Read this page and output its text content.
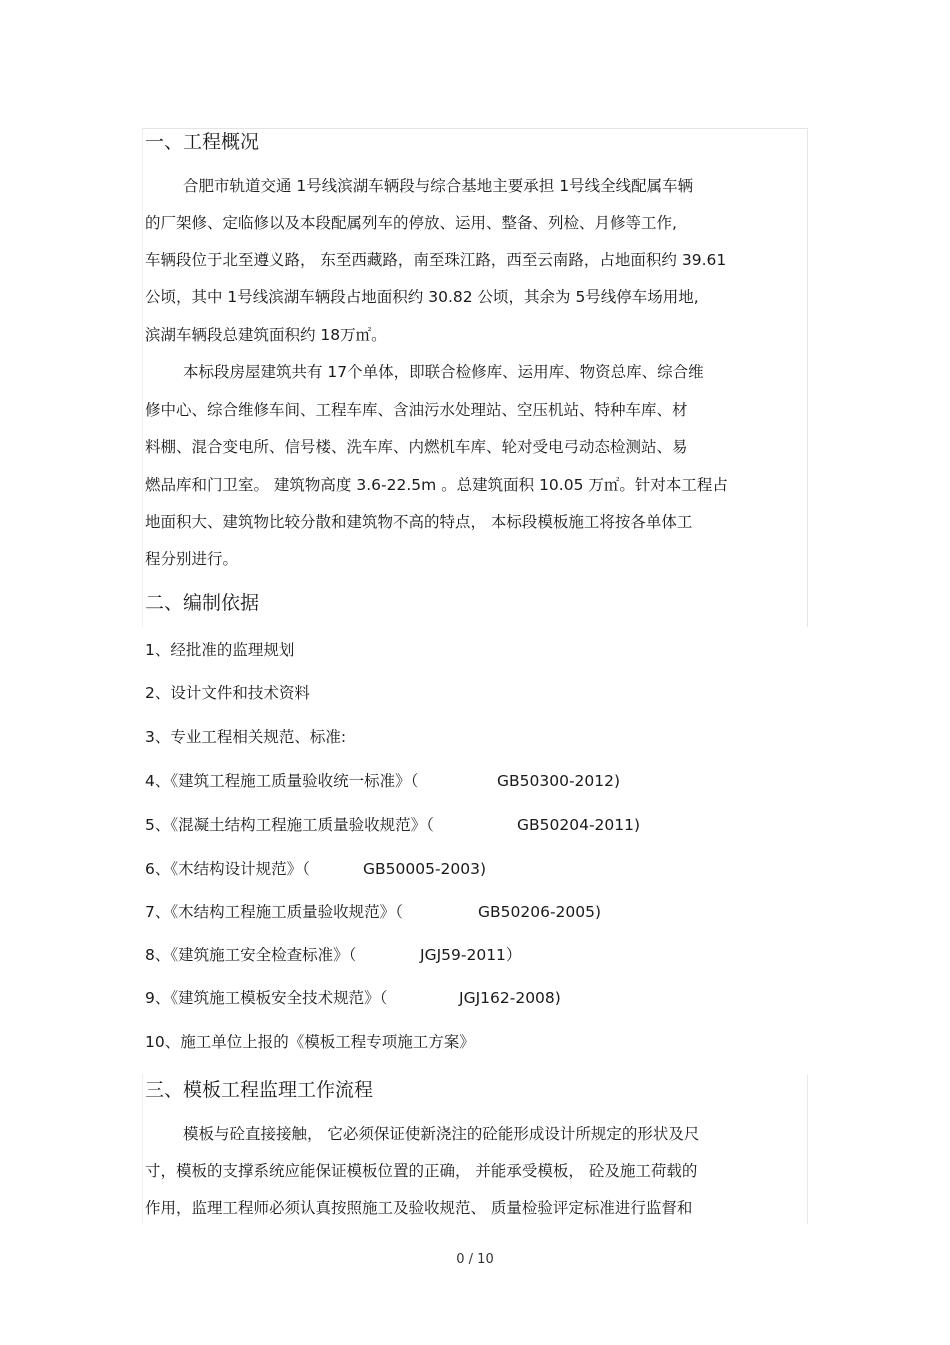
一、工程概况
合肥市轨道交通 1号线滨湖车辆段与综合基地主要承担 1号线全线配属车辆
的厂架修、定临修以及本段配属列车的停放、运用、整备、列检、月修等工作,
车辆段位于北至遵义路， 东至西藏路，南至珠江路，西至云南路，占地面积约 39.61
公顷，其中 1号线滨湖车辆段占地面积约 30.82 公顷，其余为 5号线停车场用地,
滨湖车辆段总建筑面积约 18万㎡。
本标段房屋建筑共有 17个单体，即联合检修库、运用库、物资总库、综合维
修中心、综合维修车间、工程车库、含油污水处理站、空压机站、特种车库、材
料棚、混合变电所、信号楼、洗车库、内燃机车库、轮对受电弓动态检测站、易
燃品库和门卫室。 建筑物高度 3.6-22.5m 。总建筑面积 10.05 万㎡。针对本工程占
地面积大、建筑物比较分散和建筑物不高的特点， 本标段模板施工将按各单体工
程分别进行。
二、编制依据
1、经批准的监理规划
2、设计文件和技术资料
3、专业工程相关规范、标准:
4、《建筑工程施工质量验收统一标准》（	GB50300-2012)
5、《混凝土结构工程施工质量验收规范》（	GB50204-2011)
6、《木结构设计规范》（	GB50005-2003)
7、《木结构工程施工质量验收规范》（	GB50206-2005)
8、《建筑施工安全检查标准》（	JGJ59-2011）
9、《建筑施工模板安全技术规范》（	JGJ162-2008)
10、施工单位上报的《模板工程专项施工方案》
三、模板工程监理工作流程
模板与砼直接接触， 它必须保证使新浇注的砼能形成设计所规定的形状及尺
寸，模板的支撑系统应能保证模板位置的正确， 并能承受模板， 砼及施工荷载的
作用，监理工程师必须认真按照施工及验收规范、 质量检验评定标准进行监督和
0 / 10
